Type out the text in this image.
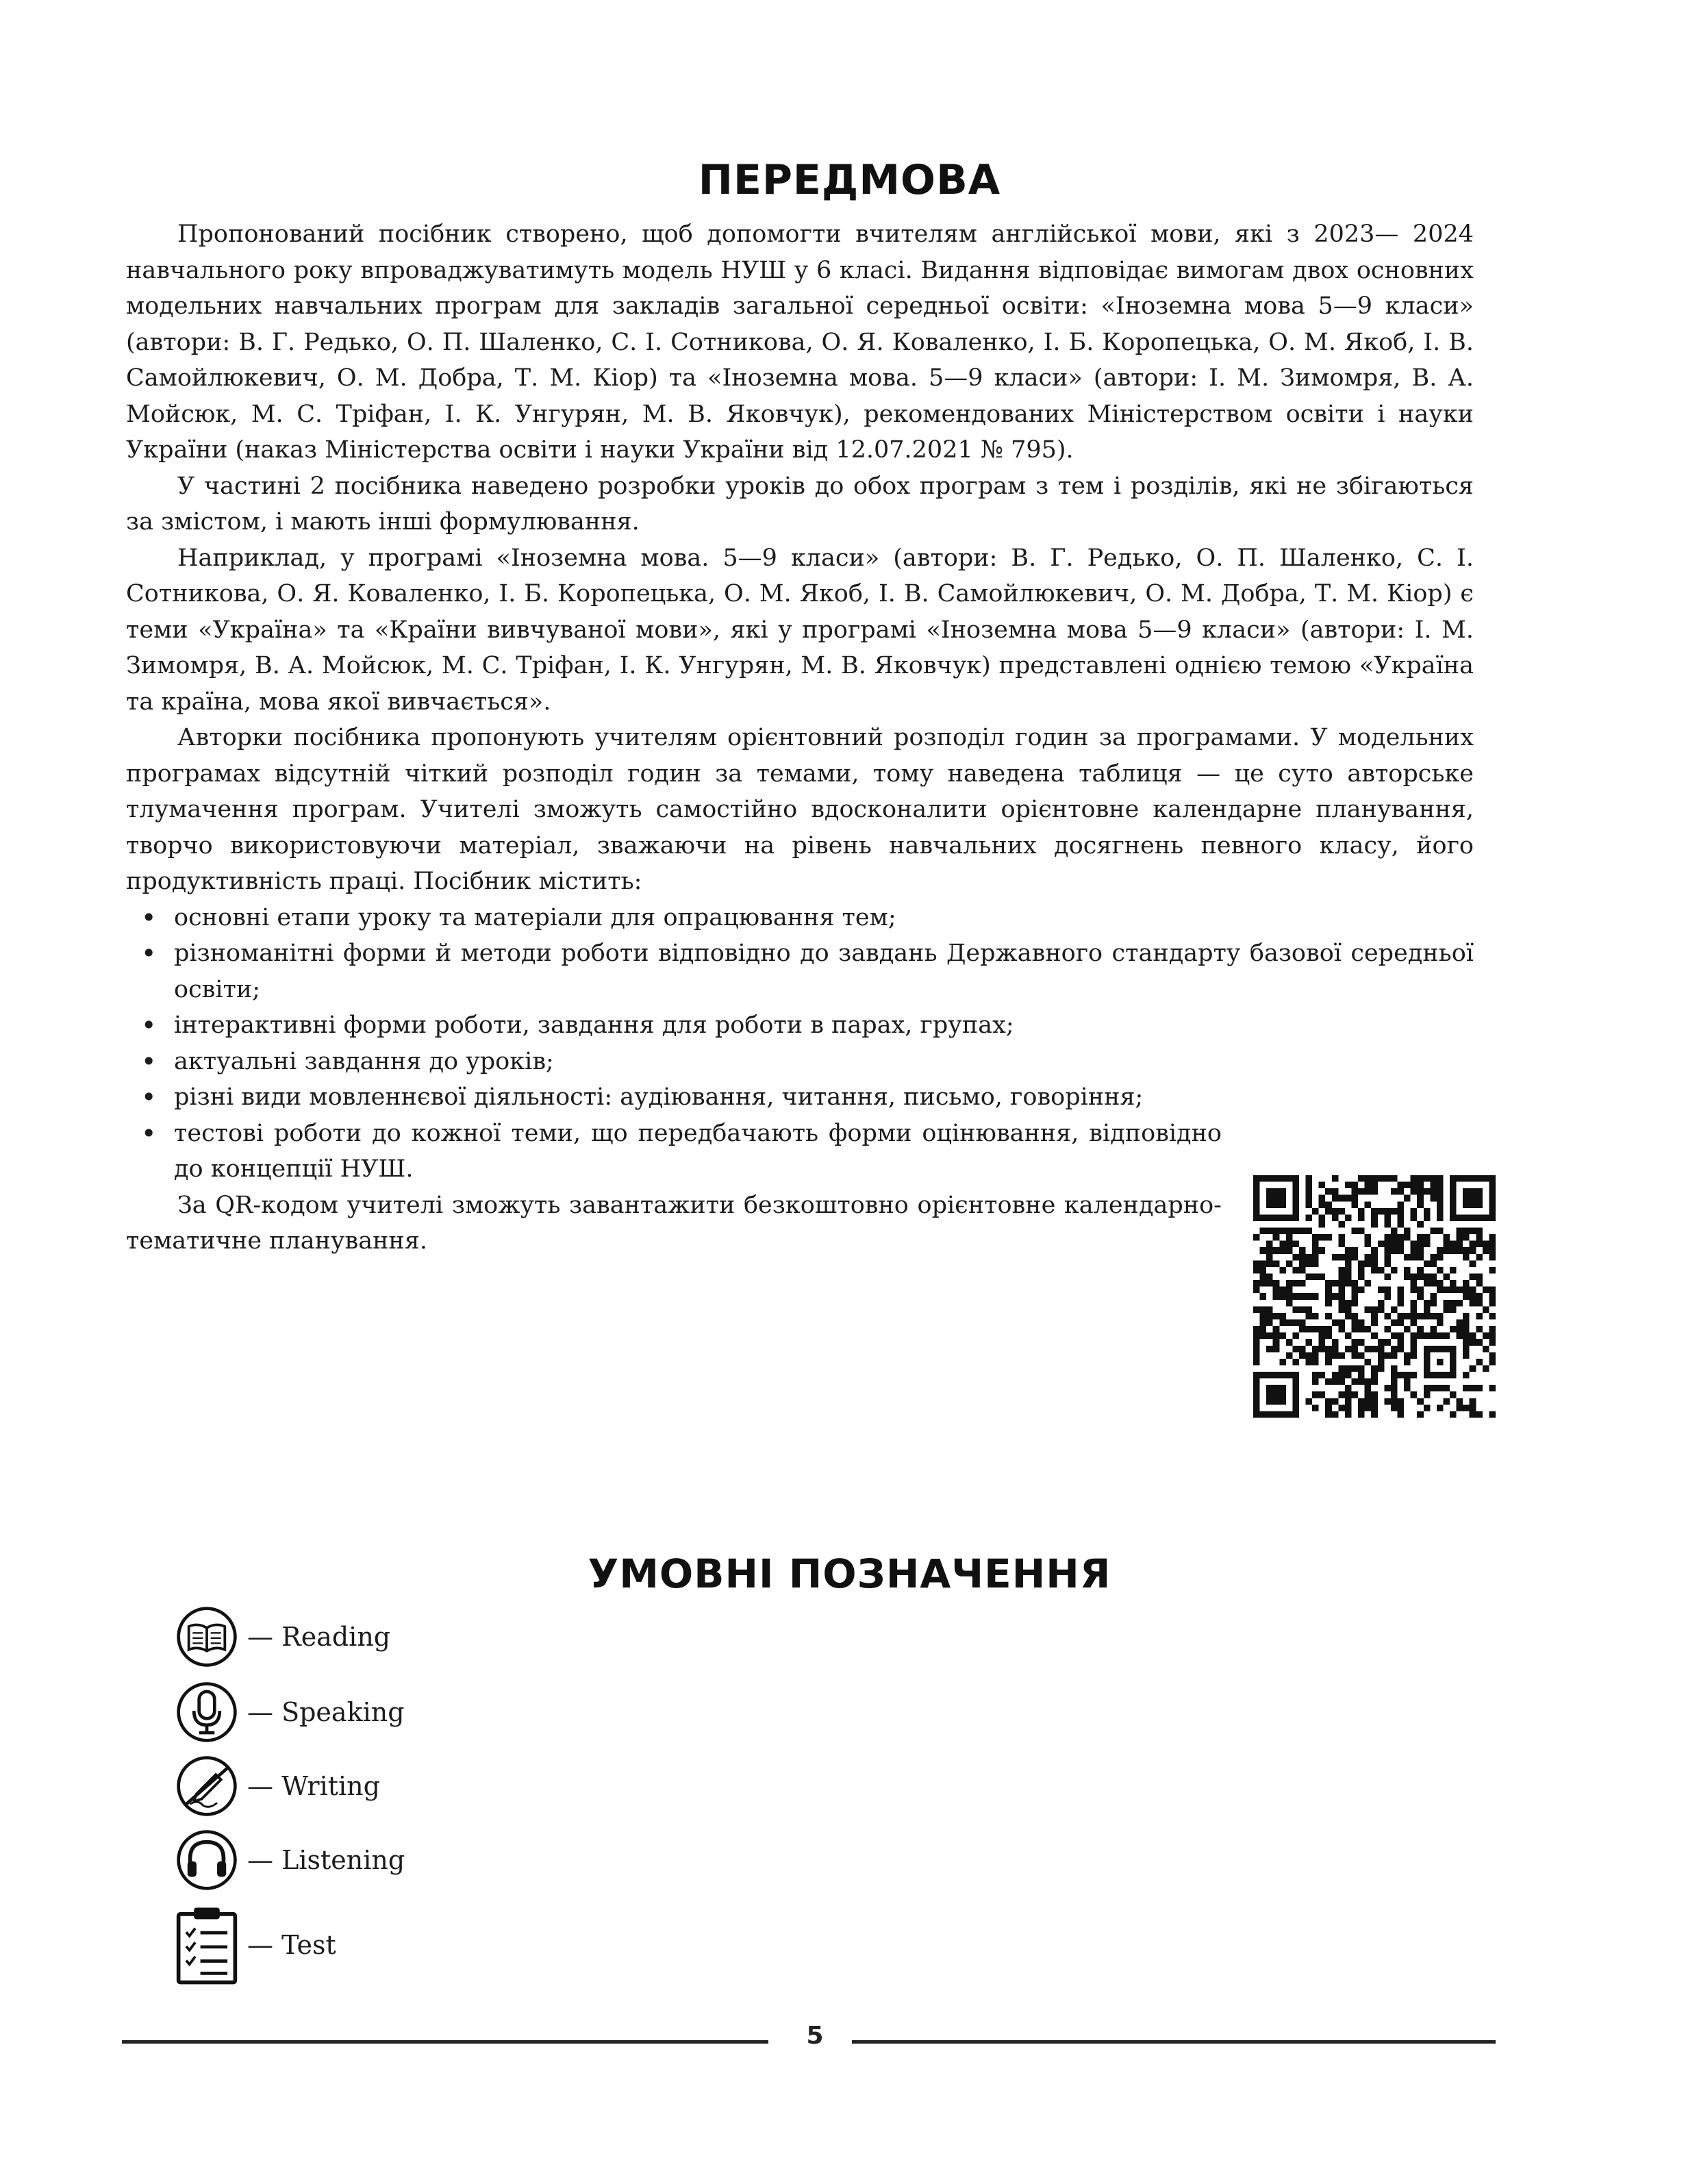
ПЕРЕДМОВА

Пропонований посібник створено, щоб допомогти вчителям англійської мови, які з 2023— 2024 навчального року впроваджуватимуть модель НУШ у 6 класі. Видання відповідає вимогам двох основних модельних навчальних програм для закладів загальної середньої освіти: «Іноземна мова 5—9 класи» (автори: В. Г. Редько, О. П. Шаленко, С. І. Сотникова, О. Я. Коваленко, І. Б. Коропецька, О. М. Якоб, І. В. Самойлюкевич, О. М. Добра, Т. М. Кіор) та «Іноземна мова. 5—9 класи» (автори: І. М. Зимомря, В. А. Мойсюк, М. С. Тріфан, І. К. Унгурян, М. В. Яковчук), рекомендованих Міністерством освіти і науки України (наказ Міністерства освіти і науки України від 12.07.2021 № 795).

У частині 2 посібника наведено розробки уроків до обох програм з тем і розділів, які не збігаються за змістом, і мають інші формулювання.

Наприклад, у програмі «Іноземна мова. 5—9 класи» (автори: В. Г. Редько, О. П. Шаленко, С. І. Сотникова, О. Я. Коваленко, І. Б. Коропецька, О. М. Якоб, І. В. Самойлюкевич, О. М. Добра, Т. М. Кіор) є теми «Україна» та «Країни вивчуваної мови», які у програмі «Іноземна мова 5—9 класи» (автори: І. М. Зимомря, В. А. Мойсюк, М. С. Тріфан, І. К. Унгурян, М. В. Яковчук) представлені однією темою «Україна та країна, мова якої вивчається».

Авторки посібника пропонують учителям орієнтовний розподіл годин за програмами. У модельних програмах відсутній чіткий розподіл годин за темами, тому наведена таблиця — це суто авторське тлумачення програм. Учителі зможуть самостійно вдосконалити орієнтовне календарне планування, творчо використовуючи матеріал, зважаючи на рівень навчальних досягнень певного класу, його продуктивність праці. Посібник містить:

• основні етапи уроку та матеріали для опрацювання тем;
• різноманітні форми й методи роботи відповідно до завдань Державного стандарту базової середньої освіти;
• інтерактивні форми роботи, завдання для роботи в парах, групах;
• актуальні завдання до уроків;
• різні види мовленнєвої діяльності: аудіювання, читання, письмо, говоріння;
• тестові роботи до кожної теми, що передбачають форми оцінювання, відповідно до концепції НУШ.

За QR-кодом учителі зможуть завантажити безкоштовно орієнтовне календарно-тематичне планування.

УМОВНІ ПОЗНАЧЕННЯ
— Reading
— Speaking
— Writing
— Listening
— Test
5
